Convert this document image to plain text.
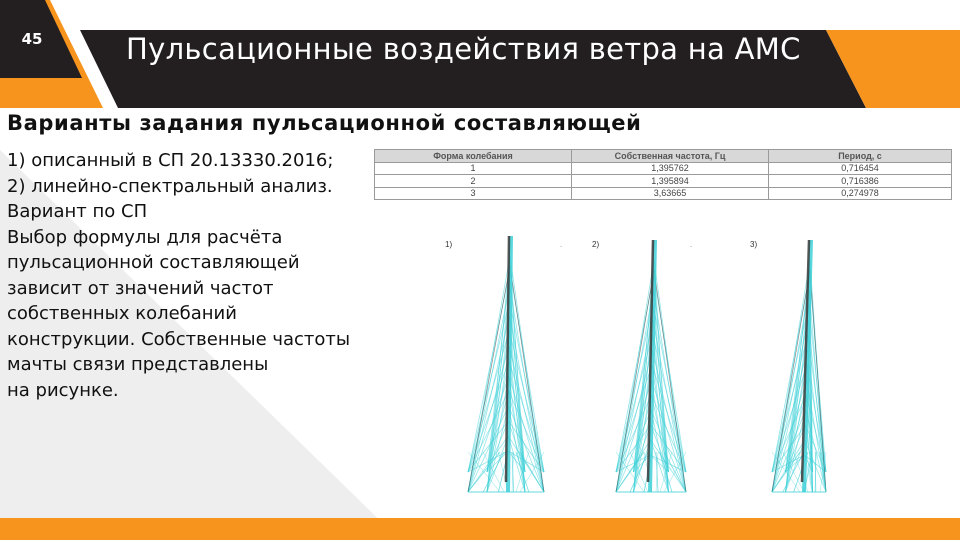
45	Пульсационные воздействия ветра на АМС
Варианты задания пульсационной составляющей
1) описанный в СП 20.13330.2016;
2) линейно-спектральный анализ.
Вариант по СП
Выбор формулы для расчёта
пульсационной составляющей
зависит от значений частот
собственных колебаний
конструкции. Собственные частоты
мачты связи представлены
на рисунке.
Форма колебания	Собственная частота, Гц	Период, с
1	1,395762	0,716454
2	1,395894	0,716386
3	3,63665	0,274978
1)	2)	3)
.	.
